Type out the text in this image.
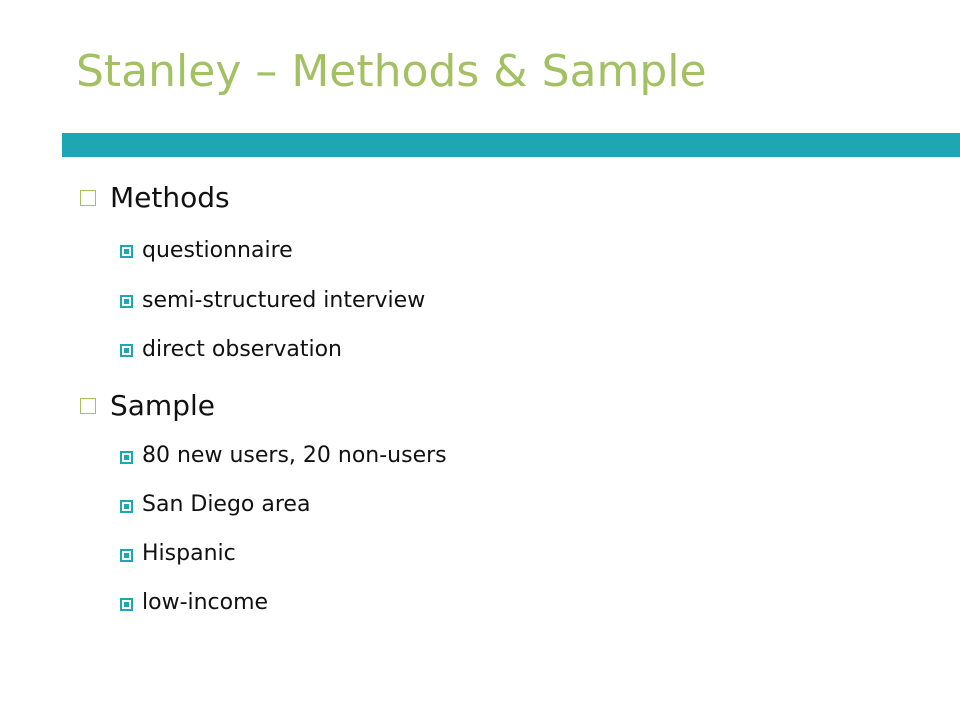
Stanley – Methods & Sample
Methods
questionnaire
semi-structured interview
direct observation
Sample
80 new users, 20 non-users
San Diego area
Hispanic
low-income
